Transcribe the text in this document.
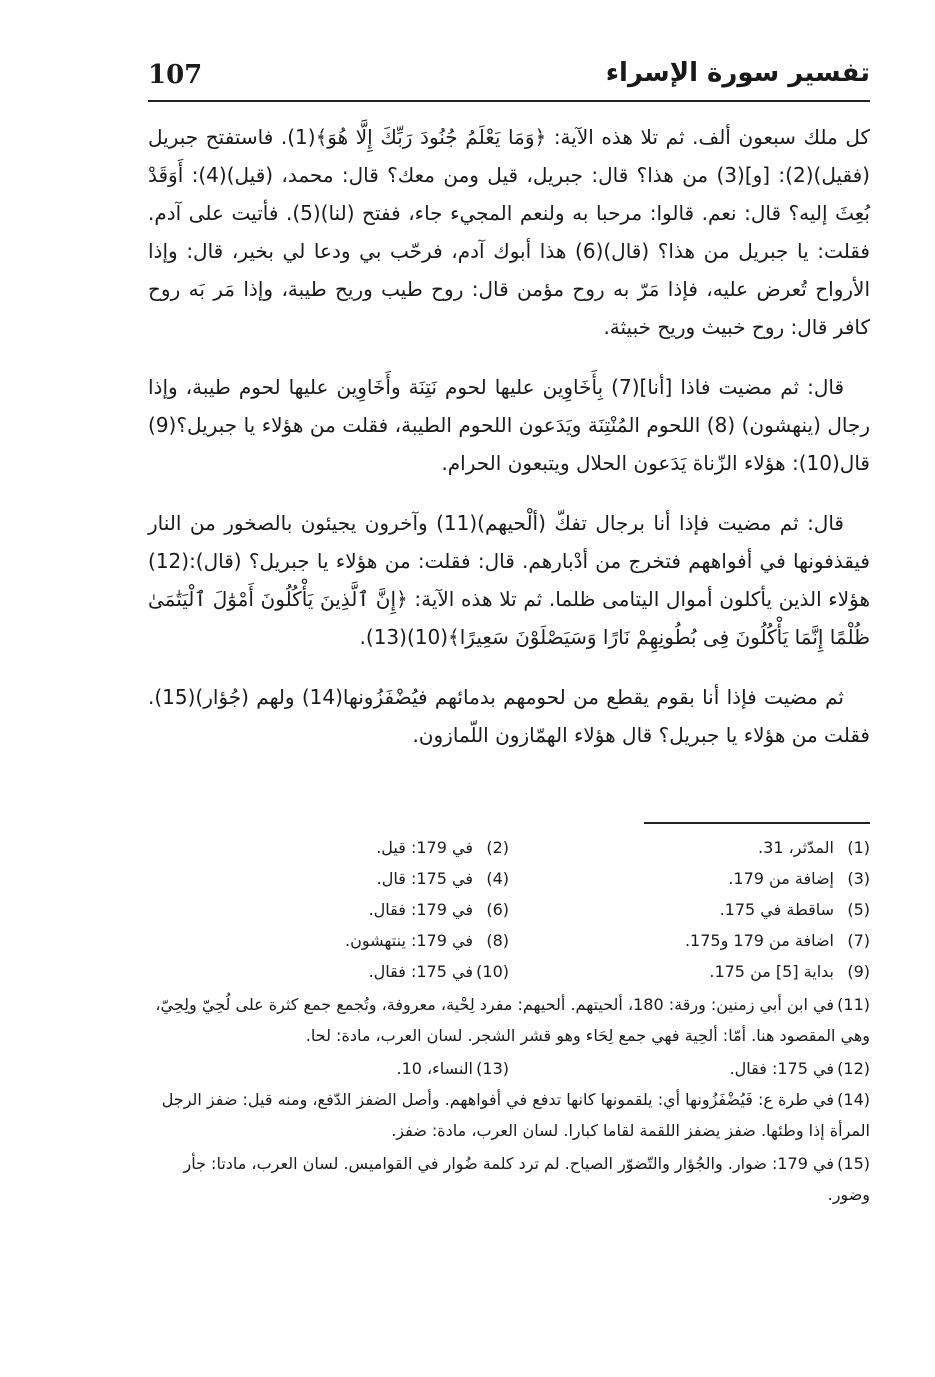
107	تفسير سورة الإسراء

كل ملك سبعون ألف. ثم تلا هذه الآية: ﴿وَمَا يَعْلَمُ جُنُودَ رَبِّكَ إِلَّا هُوَ﴾(1). فاستفتح جبريل (فقيل)(2): [و](3) من هذا؟ قال: جبريل، قيل ومن معك؟ قال: محمد، (قيل)(4): أَوَقَدْ بُعِثَ إليه؟ قال: نعم. قالوا: مرحبا به ولنعم المجيء جاء، ففتح (لنا)(5). فأتيت على آدم. فقلت: يا جبريل من هذا؟ (قال)(6) هذا أبوك آدم، فرحّب بي ودعا لي بخير، قال: وإذا الأرواح تُعرض عليه، فإذا مَرّ به روح مؤمن قال: روح طيب وريح طيبة، وإذا مَر بَه روح كافر قال: روح خبيث وريح خبيثة.

قال: ثم مضيت فاذا [أنا](7) بِأَخَاوِين عليها لحوم نَتِنَة وأَخَاوِين عليها لحوم طيبة، وإذا رجال (ينهشون) (8) اللحوم المُنْتِنَة ويَدَعون اللحوم الطيبة، فقلت من هؤلاء يا جبريل؟(9) قال(10): هؤلاء الزّناة يَدَعون الحلال ويتبعون الحرام.

قال: ثم مضيت فإذا أنا برجال تفكّ (ألْحيهم)(11) وآخرون يجيئون بالصخور من النار فيقذفونها في أفواههم فتخرج من أدْبارهم. قال: فقلت: من هؤلاء يا جبريل؟ (قال):(12) هؤلاء الذين يأكلون أموال اليتامى ظلما. ثم تلا هذه الآية: ﴿إِنَّ ٱلَّذِينَ يَأْكُلُونَ أَمْوَٰلَ ٱلْيَتَٰمَىٰ ظُلْمًا إِنَّمَا يَأْكُلُونَ فِى بُطُونِهِمْ نَارًا وَسَيَصْلَوْنَ سَعِيرًا﴾(10)(13).

ثم مضيت فإذا أنا بقوم يقطع من لحومهم بدمائهم فيُضْفَزُونها(14) ولهم (جُؤار)(15). فقلت من هؤلاء يا جبريل؟ قال هؤلاء الهمّازون اللّمازون.

(1)المدّثر، 31.
(2)في 179: قيل.
(3)إضافة من 179.
(4)في 175: قال.
(5)ساقطة في 175.
(6)في 179: فقال.
(7)اضافة من 179 و175.
(8)في 179: ينتهشون.
(9)بداية [5] من 175.
(10)في 175: فقال.
(11)في ابن أبي زمنين: ورقة: 180، ألحيتهم. ألحيهم: مفرد لِحْية، معروفة، وتُجمع جمع كثرة على لُحِيّ ولِحِيّ، وهي المقصود هنا. أمّا: ألحِية فهي جمع لِحَاء وهو قشر الشجر. لسان العرب، مادة: لحا.
(12)في 175: فقال.
(13)النساء، 10.
(14)في طرة ع: فَيُضْفَزُونها أي: يلقمونها كانها تدفع في أفواههم. وأصل الضفز الدّفع، ومنه قيل: ضفز الرجل المرأة إذا وطئها. ضفز يضفز اللقمة لقاما كبارا. لسان العرب، مادة: ضفز.
(15)في 179: ضوار. والجُؤار والتّضوّر الصياح. لم ترد كلمة ضُوار في القواميس. لسان العرب، مادتا: جأر وضور.
